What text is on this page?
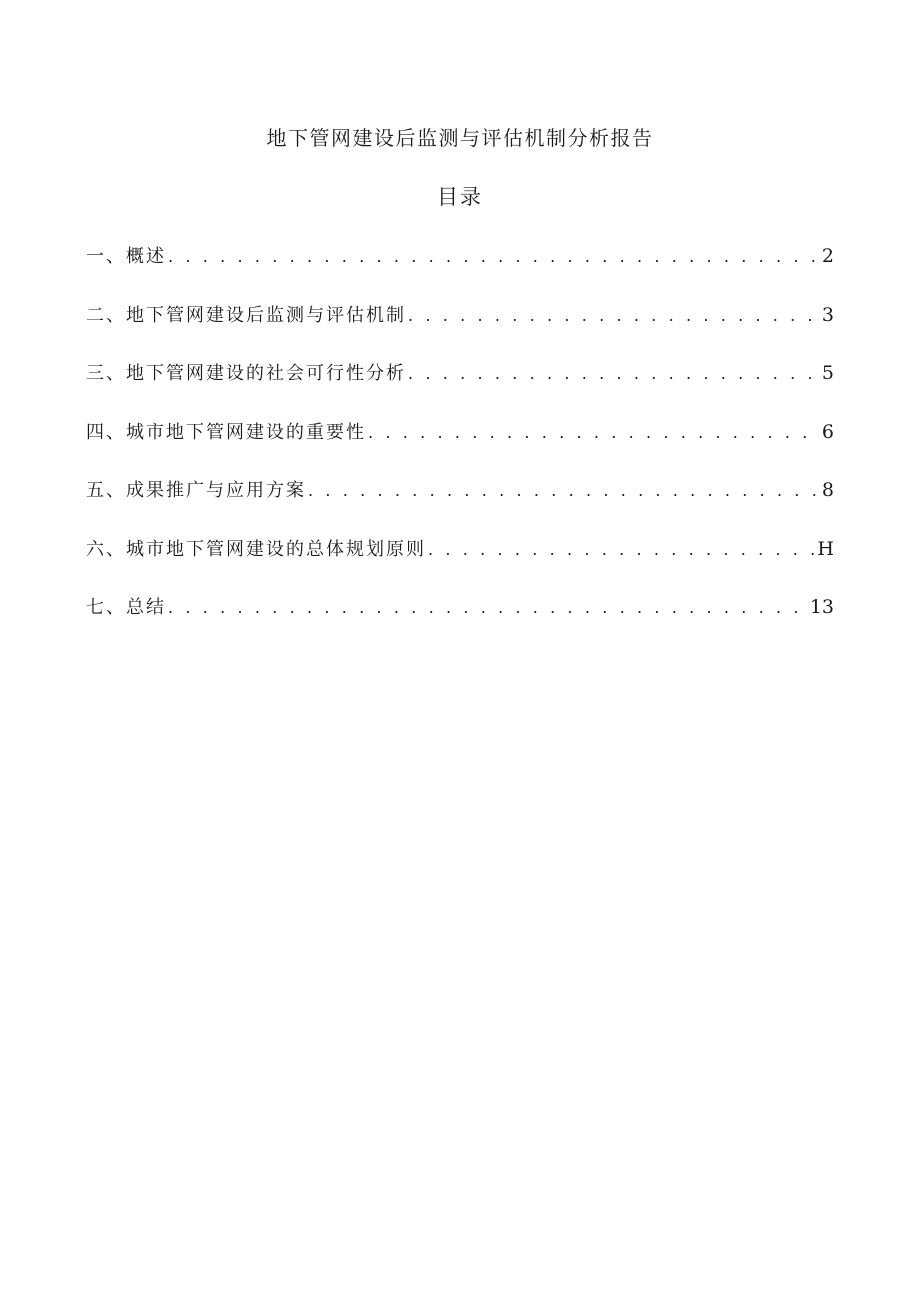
地下管网建设后监测与评估机制分析报告
目录
一、概述 . . .	2
二、地下管网建设后监测与评估机制 . . .	3
三、地下管网建设的社会可行性分析 . . .	5
四、城市地下管网建设的重要性 . . .	6
五、成果推广与应用方案 . . .	8
六、城市地下管网建设的总体规划原则 . . .	H
七、总结 . . .	13
